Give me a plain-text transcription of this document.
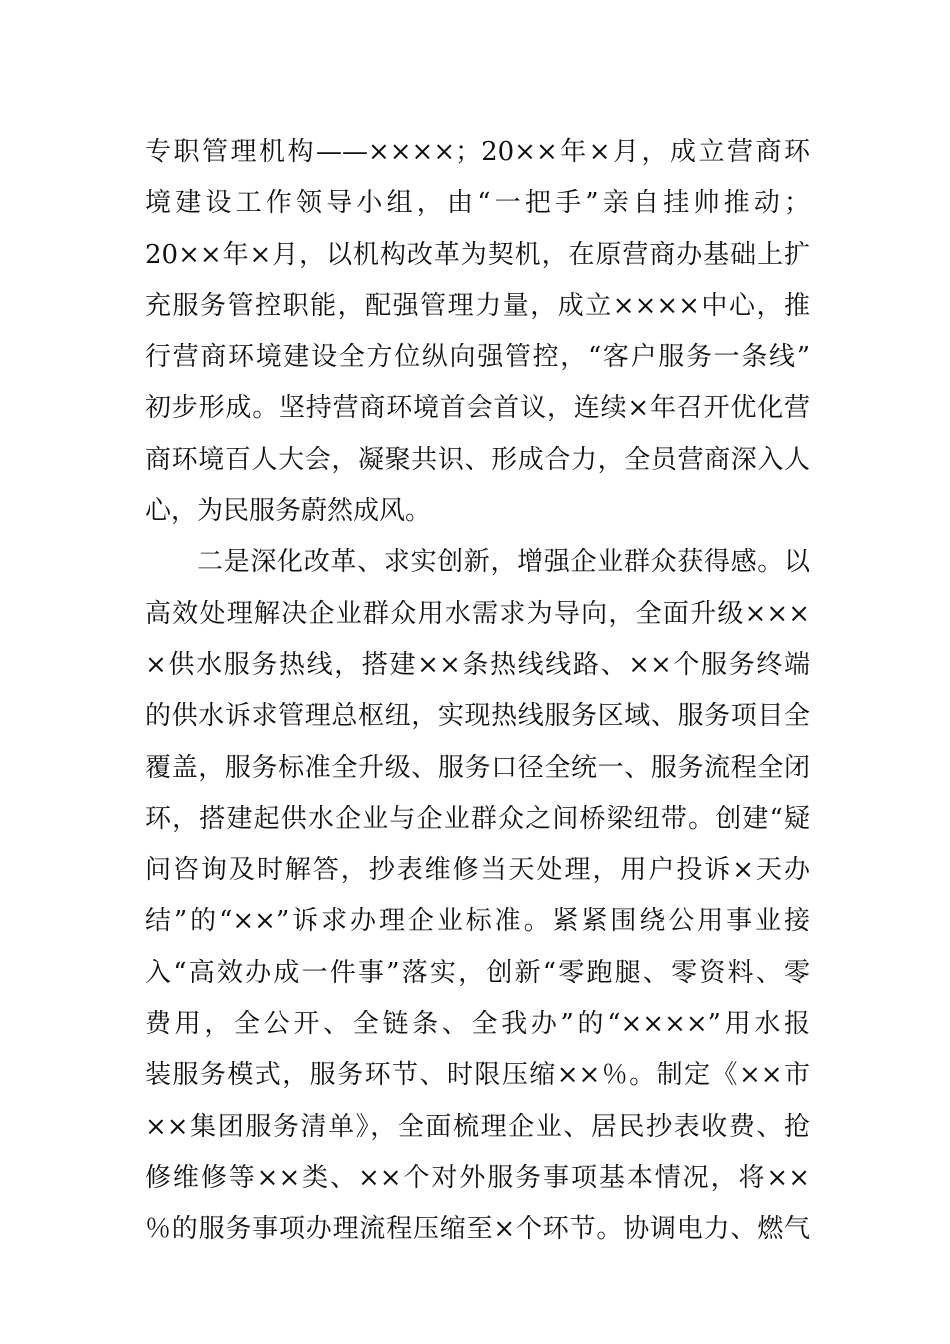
专职管理机构——××××；20××年×月，成立营商环
境建设工作领导小组，由“一把手”亲自挂帅推动；
20××年×月，以机构改革为契机，在原营商办基础上扩
充服务管控职能，配强管理力量，成立××××中心，推
行营商环境建设全方位纵向强管控，“客户服务一条线”
初步形成。坚持营商环境首会首议，连续×年召开优化营
商环境百人大会，凝聚共识、形成合力，全员营商深入人
心，为民服务蔚然成风。
二是深化改革、求实创新，增强企业群众获得感。以
高效处理解决企业群众用水需求为导向，全面升级×××
×供水服务热线，搭建××条热线线路、××个服务终端
的供水诉求管理总枢纽，实现热线服务区域、服务项目全
覆盖，服务标准全升级、服务口径全统一、服务流程全闭
环，搭建起供水企业与企业群众之间桥梁纽带。创建“疑
问咨询及时解答，抄表维修当天处理，用户投诉×天办
结”的“××”诉求办理企业标准。紧紧围绕公用事业接
入“高效办成一件事”落实，创新“零跑腿、零资料、零
费用，全公开、全链条、全我办”的“××××”用水报
装服务模式，服务环节、时限压缩××％。制定《××市
××集团服务清单》，全面梳理企业、居民抄表收费、抢
修维修等××类、××个对外服务事项基本情况，将××
％的服务事项办理流程压缩至×个环节。协调电力、燃气
